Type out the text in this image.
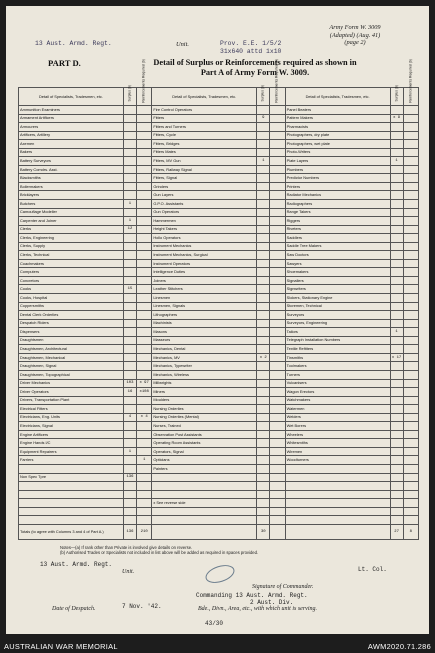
Army Form W. 3009
(Adapted) (Aug. 41)
(page 2)
13 Aust. Armd. Regt.	Unit.	Prov. E.E. 1/5/2
31x640 attd 1x10
PART D.	Detail of Surplus or Reinforcements required as shown in
Part A of Army Form W. 3009.
Detail of Specialists, Tradesmen, etc.	Surplus (b)		Detail of Specialists, Tradesmen, etc.	Surplus (b)		Detail of Specialists, Tradesmen, etc.	Surplus (b)

Ammunition Examiners			Fire Control Operators			Panel Beaters		
Armament Artificers			Fitters	9		Pattern Makers	x 9	
Armourers			Fitters and Turners			Pharmacists		
Artificers, Artillery			Fitters, Cycle			Photographers, dry plate		
Axemen			Fitters, Bridges			Photographers, wet plate		
Bakers			Fitters Mates			Photo-Writers		
Battery Surveyors			Fitters, MV Gun	1		Plate Layers	1	
Battery Comdrs. Asst.			Fitters, Railway Signal			Plumbers		
Blacksmiths			Fitters, Signal			Predictor Numbers		
Boilermakers			Grinders			Printers		
Bricklayers			Gun Layers			Radiator Mechanics		
Butchers	1		G.P.O. Assistants			Radiographers		
Camouflage Modeller			Gun Operators			Range Takers		
Carpenter and Joiner	1		Hammermen			Riggers		
Clerks	12		Height Takers			Riveters		
Clerks, Engineering			Hollo Operators			Saddlers		
Clerks, Supply			Instrument Mechanics			Saddle Tree Makers		
Clerks, Technical			Instrument Mechanics, Surgical			Saw Doctors		
Coachmakers			Instrument Operators			Sawyers		
Computers			Intelligence Duties			Shoemakers		
Concretors			Joiners			Signallers		
Cooks	15		Leather Stitchers			Signwriters		
Cooks, Hospital			Linesmen			Slokers, Stationary Engine		
Coppersmiths			Linesmen, Signals			Storemen, Technical		
Dental Clerk Orderlies			Lithographers			Surveyors		
Despatch Riders			Machinists			Surveyors, Engineering		
Dispensers			Masons			Tailors	1	
Draughtsmen			Masseurs			Telegraph Installation Numbers		
Draughtsmen, Architectural			Mechanics, Dental			Textile Refitters		
Draughtsmen, Mechanical			Mechanics, MV	x 2		Tinsmiths	x 17	
Draughtsmen, Signal			Mechanics, Typewriter			Toolmakers		
Draughtsmen, Topographical			Mechanics, Wireless			Turners		
Driver Mechanics	103	x 97	Millwrights			Vulcanisers		
Driver Operators	16	x108	Miners			Wagon Erectors		
Drivers, Transportation Plant			Moulders			Watchmakers		
Electrical Fitters			Nursing Orderlies			Watermen		
Electricians, Eng. Units	4	x 4	Nursing Orderlies (Mental)			Welders		
Electricians, Signal			Nurses, Trained			Wet Borers		
Engine Artificers			Observation Post Assistants			Wheelers		
Engine Hands I/C			Operating Room Assistants			Whitesmiths		
Equipment Repairers	1		Operators, Signal			Wiremen		
Farriers		1	Opticians			Woodturners		
			Painters					
Non Spec Tpre	136							

			x See reverse side					

Totals (to agree with Columns 3 and 4 of Part A.)	136	210		30			27	8
Notes—(a) If rank other than Private is involved give details on reverse.
(b) Authorised Trades or Specialists not included in list above will be added as required in spaces provided.
13 Aust. Armd. Regt.
Lt. Col.
Unit.
Signature of Commander.
Commanding 13 Aust. Armd. Regt.
2 Aust. Div.
Date of Despatch.	7 Nov. '42.	Bde., Divn., Area, etc., with which unit is serving.
43/30
AUSTRALIAN WAR MEMORIAL	AWM2020.71.286
